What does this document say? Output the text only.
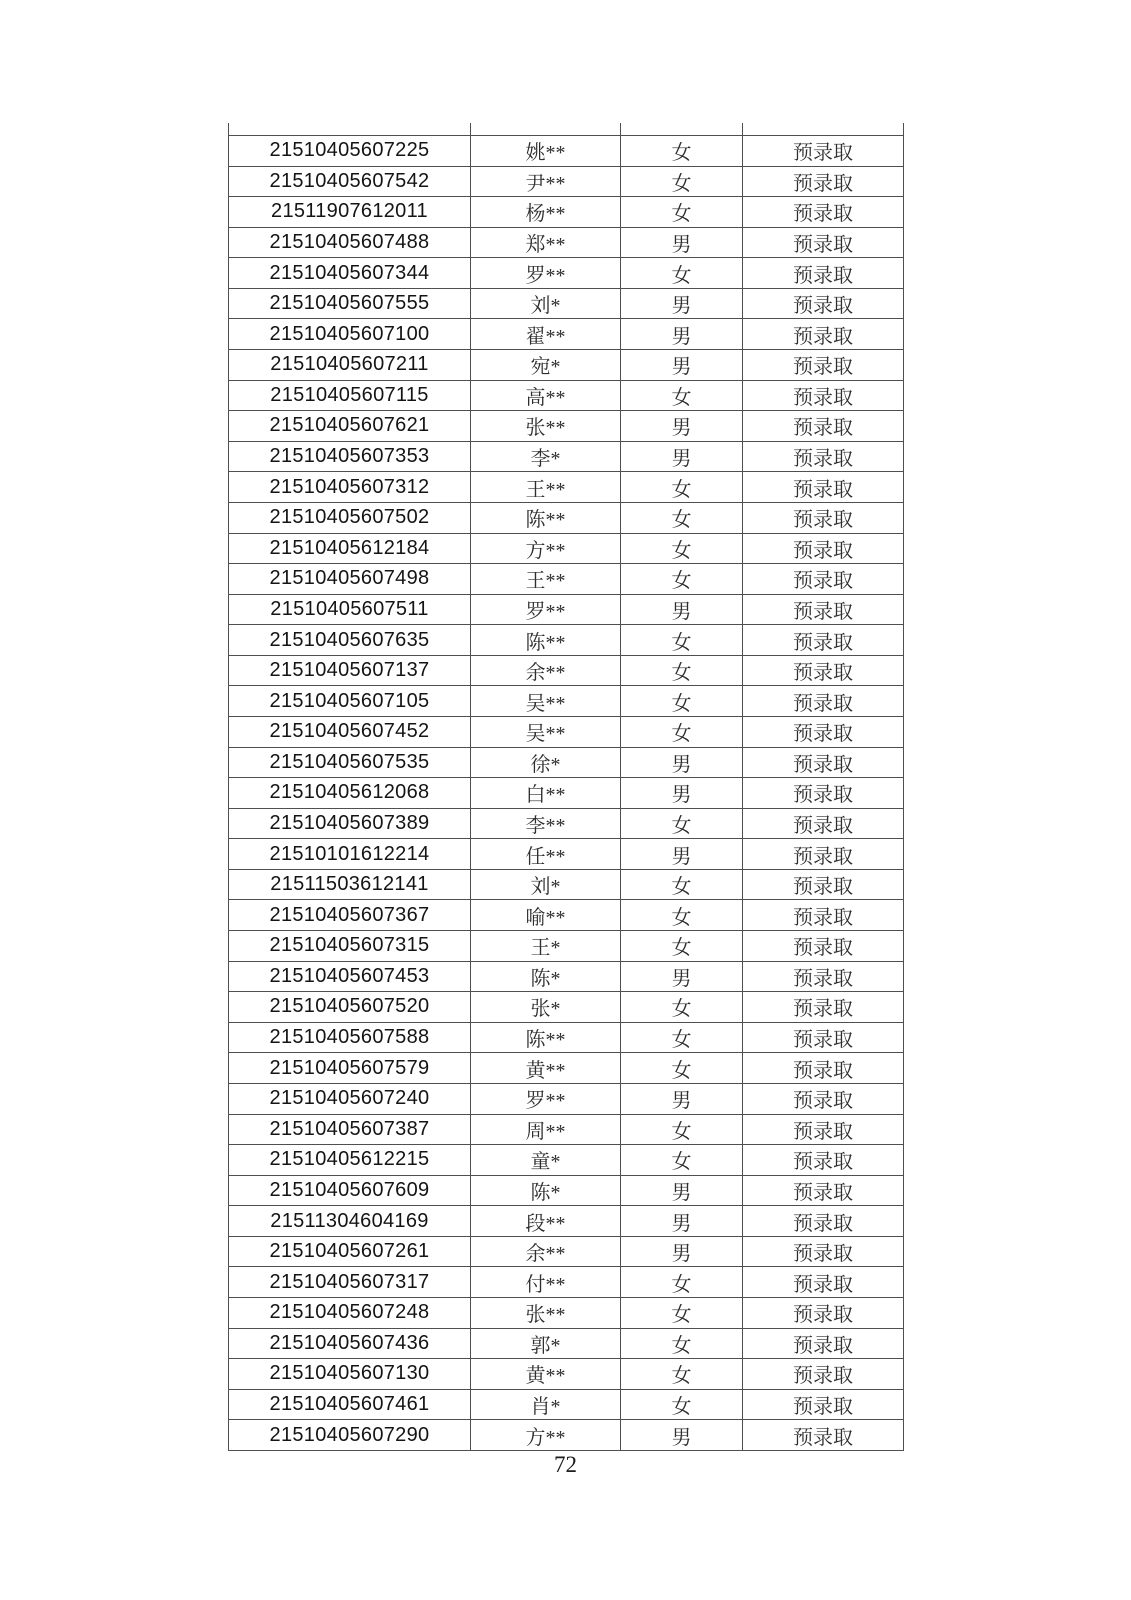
21510405607225	姚**	女	预录取
21510405607542	尹**	女	预录取
21511907612011	杨**	女	预录取
21510405607488	郑**	男	预录取
21510405607344	罗**	女	预录取
21510405607555	刘*	男	预录取
21510405607100	翟**	男	预录取
21510405607211	宛*	男	预录取
21510405607115	高**	女	预录取
21510405607621	张**	男	预录取
21510405607353	李*	男	预录取
21510405607312	王**	女	预录取
21510405607502	陈**	女	预录取
21510405612184	方**	女	预录取
21510405607498	王**	女	预录取
21510405607511	罗**	男	预录取
21510405607635	陈**	女	预录取
21510405607137	余**	女	预录取
21510405607105	吴**	女	预录取
21510405607452	吴**	女	预录取
21510405607535	徐*	男	预录取
21510405612068	白**	男	预录取
21510405607389	李**	女	预录取
21510101612214	任**	男	预录取
21511503612141	刘*	女	预录取
21510405607367	喻**	女	预录取
21510405607315	王*	女	预录取
21510405607453	陈*	男	预录取
21510405607520	张*	女	预录取
21510405607588	陈**	女	预录取
21510405607579	黄**	女	预录取
21510405607240	罗**	男	预录取
21510405607387	周**	女	预录取
21510405612215	童*	女	预录取
21510405607609	陈*	男	预录取
21511304604169	段**	男	预录取
21510405607261	余**	男	预录取
21510405607317	付**	女	预录取
21510405607248	张**	女	预录取
21510405607436	郭*	女	预录取
21510405607130	黄**	女	预录取
21510405607461	肖*	女	预录取
21510405607290	方**	男	预录取
72
